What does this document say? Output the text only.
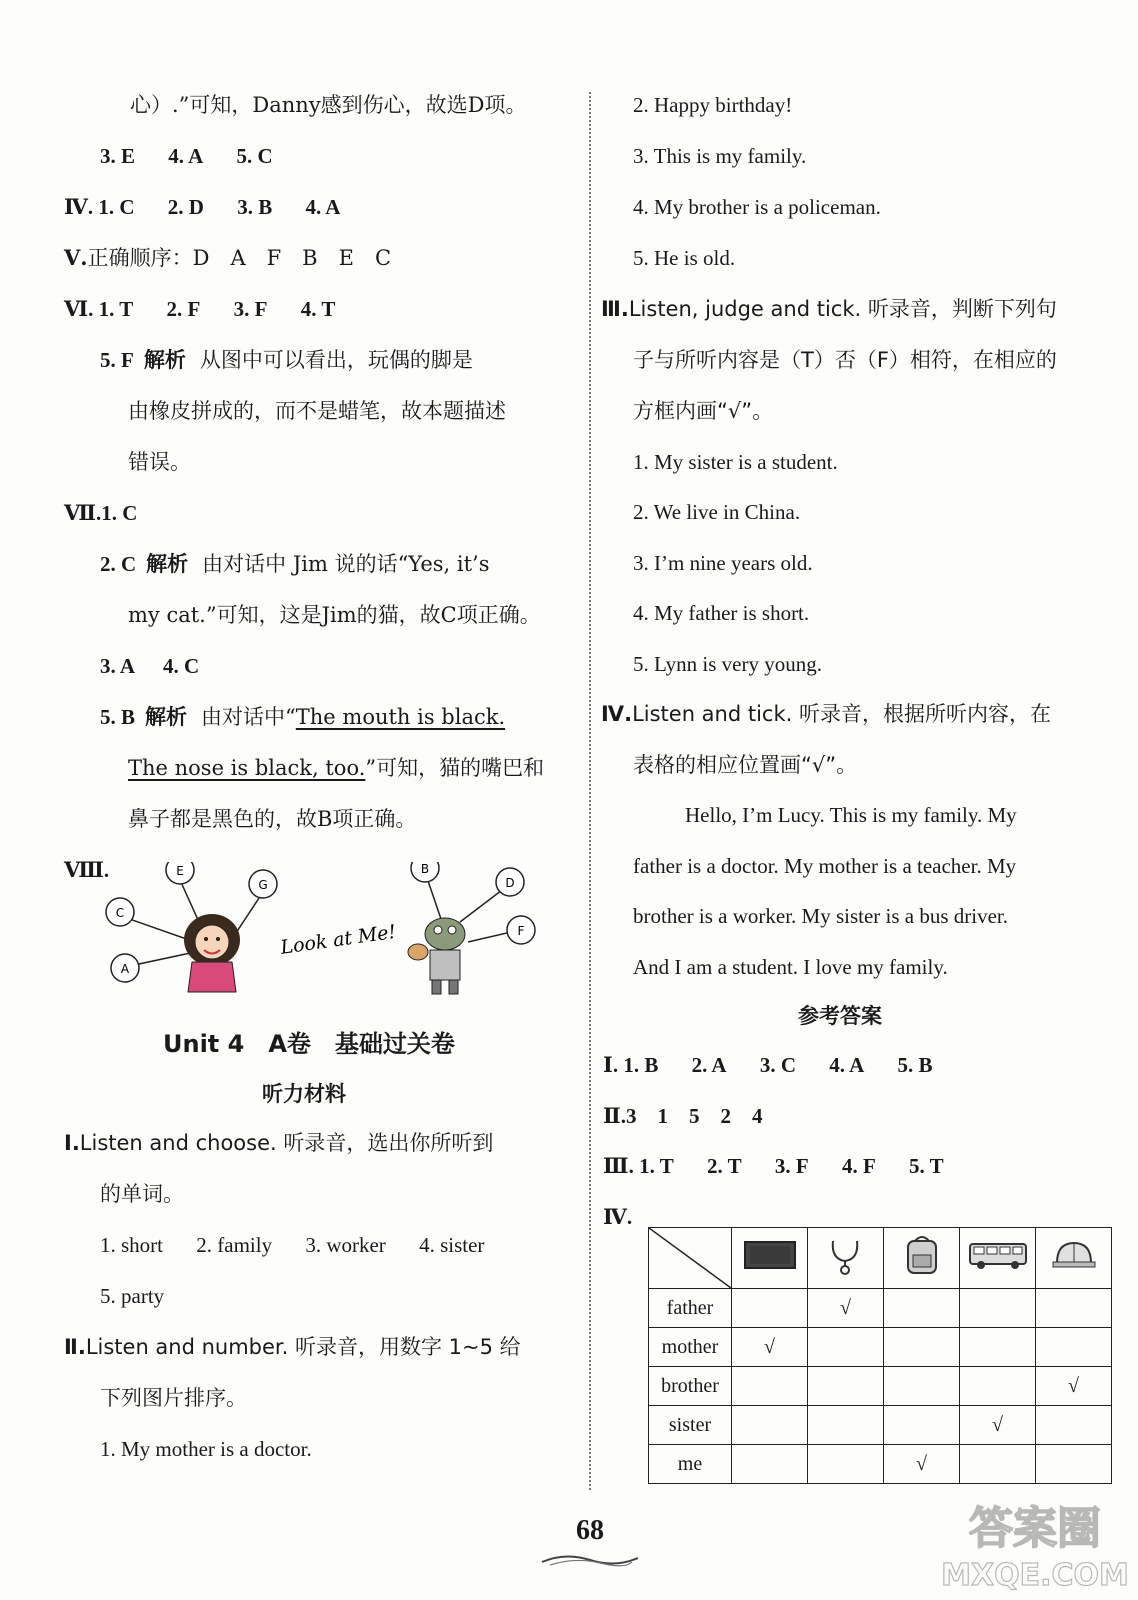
心）.”可知，Danny感到伤心，故选D项。
3. E 4. A 5. C
Ⅳ. 1. C 2. D 3. B 4. A
Ⅴ.正确顺序：D　A　F　B　E　C
Ⅵ. 1. T 2. F 3. F 4. T
5. F 解析 从图中可以看出，玩偶的脚是
由橡皮拼成的，而不是蜡笔，故本题描述
错误。
Ⅶ.1. C
2. C 解析 由对话中 Jim 说的话“Yes, it’s
my cat.”可知，这是Jim的猫，故C项正确。
3. A 4. C
5. B 解析 由对话中“The mouth is black.
The nose is black, too.”可知，猫的嘴巴和
鼻子都是黑色的，故B项正确。
Ⅷ.	E
G
C
A
Look at Me!
B
D
F
Unit 4　A卷　基础过关卷
听力材料
Ⅰ.Listen and choose. 听录音，选出你所听到
的单词。
1. short 2. family 3. worker 4. sister
5. party
Ⅱ.Listen and number. 听录音，用数字 1~5 给
下列图片排序。
1. My mother is a doctor.
2. Happy birthday!
3. This is my family.
4. My brother is a policeman.
5. He is old.
Ⅲ.Listen, judge and tick. 听录音，判断下列句
子与所听内容是（T）否（F）相符，在相应的
方框内画“√”。
1. My sister is a student.
2. We live in China.
3. I’m nine years old.
4. My father is short.
5. Lynn is very young.
Ⅳ.Listen and tick. 听录音，根据所听内容，在
表格的相应位置画“√”。
Hello, I’m Lucy. This is my family. My
father is a doctor. My mother is a teacher. My
brother is a worker. My sister is a bus driver.
And I am a student. I love my family.
参考答案
Ⅰ. 1. B 2. A 3. C 4. A 5. B
Ⅱ.3　1　5　2　4
Ⅲ. 1. T 2. T 3. F 4. F 5. T
Ⅳ.

father		√			
mother	√				
brother					√
sister				√	
me			√		
68	答案圈
MXQE.COM
